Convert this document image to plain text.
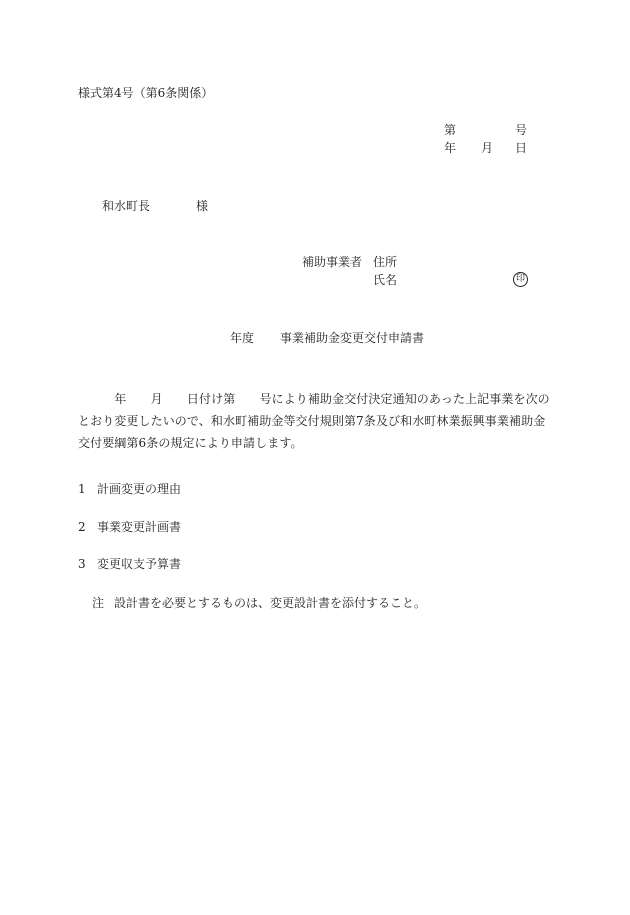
様式第4号（第6条関係）
第	号
年 月 日
和水町長	様
補助事業者 住所
氏名	印
年度 事業補助金変更交付申請書
　　　年　　月　　日付け第　　号により補助金交付決定通知のあった上記事業を次のとおり変更したいので、和水町補助金等交付規則第7条及び和水町林業振興事業補助金交付要綱第6条の規定により申請します。
1 計画変更の理由
2 事業変更計画書
3 変更収支予算書
注 設計書を必要とするものは、変更設計書を添付すること。
